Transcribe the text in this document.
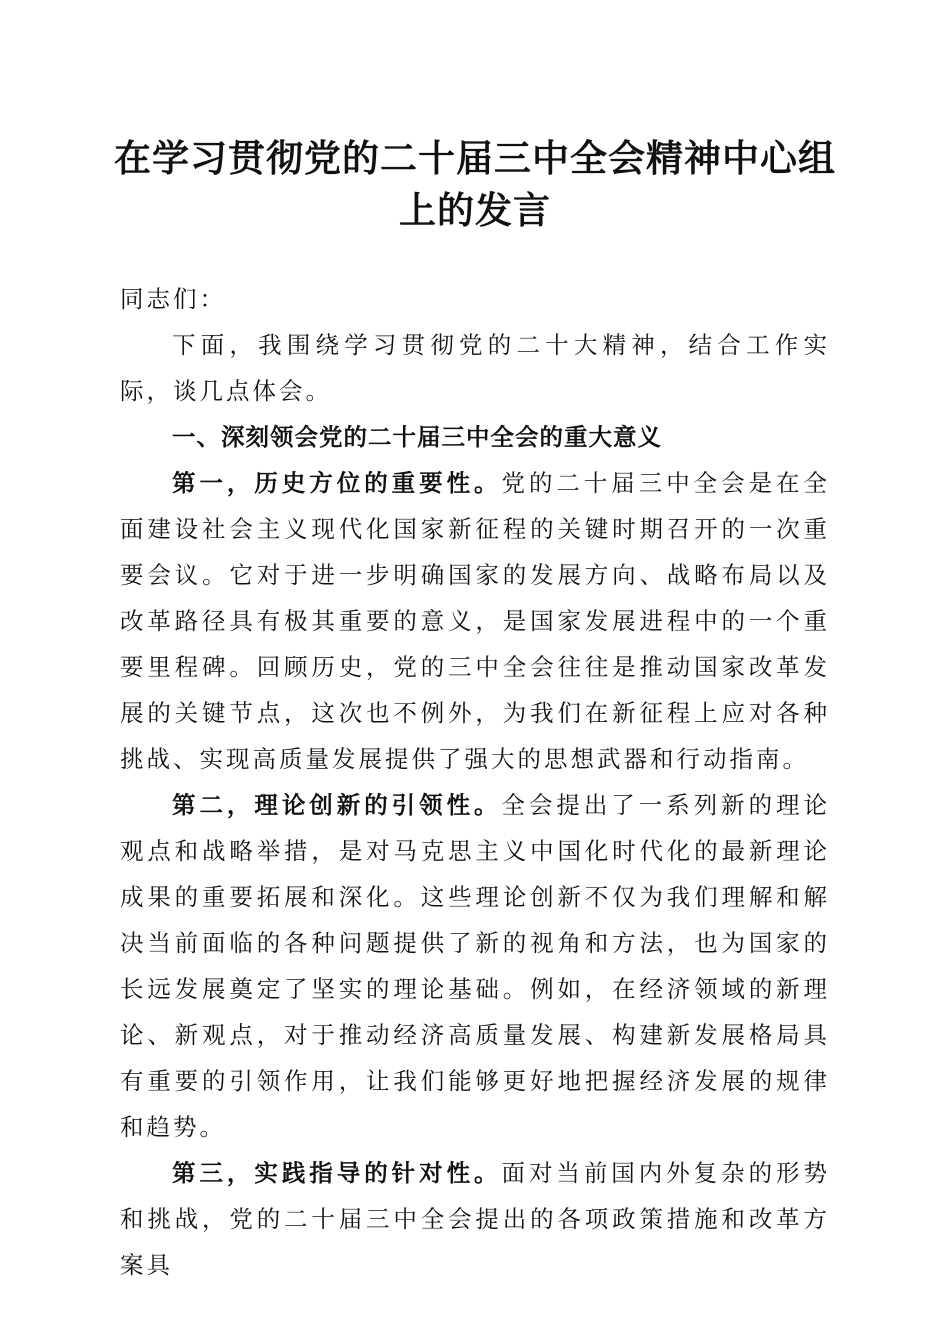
在学习贯彻党的二十届三中全会精神中心组上的发言

同志们：

下面，我围绕学习贯彻党的二十大精神，结合工作实际，谈几点体会。

一、深刻领会党的二十届三中全会的重大意义

第一，历史方位的重要性。党的二十届三中全会是在全面建设社会主义现代化国家新征程的关键时期召开的一次重要会议。它对于进一步明确国家的发展方向、战略布局以及改革路径具有极其重要的意义，是国家发展进程中的一个重要里程碑。回顾历史，党的三中全会往往是推动国家改革发展的关键节点，这次也不例外，为我们在新征程上应对各种挑战、实现高质量发展提供了强大的思想武器和行动指南。

第二，理论创新的引领性。全会提出了一系列新的理论观点和战略举措，是对马克思主义中国化时代化的最新理论成果的重要拓展和深化。这些理论创新不仅为我们理解和解决当前面临的各种问题提供了新的视角和方法，也为国家的长远发展奠定了坚实的理论基础。例如，在经济领域的新理论、新观点，对于推动经济高质量发展、构建新发展格局具有重要的引领作用，让我们能够更好地把握经济发展的规律和趋势。

第三，实践指导的针对性。面对当前国内外复杂的形势和挑战，党的二十届三中全会提出的各项政策措施和改革方案具
